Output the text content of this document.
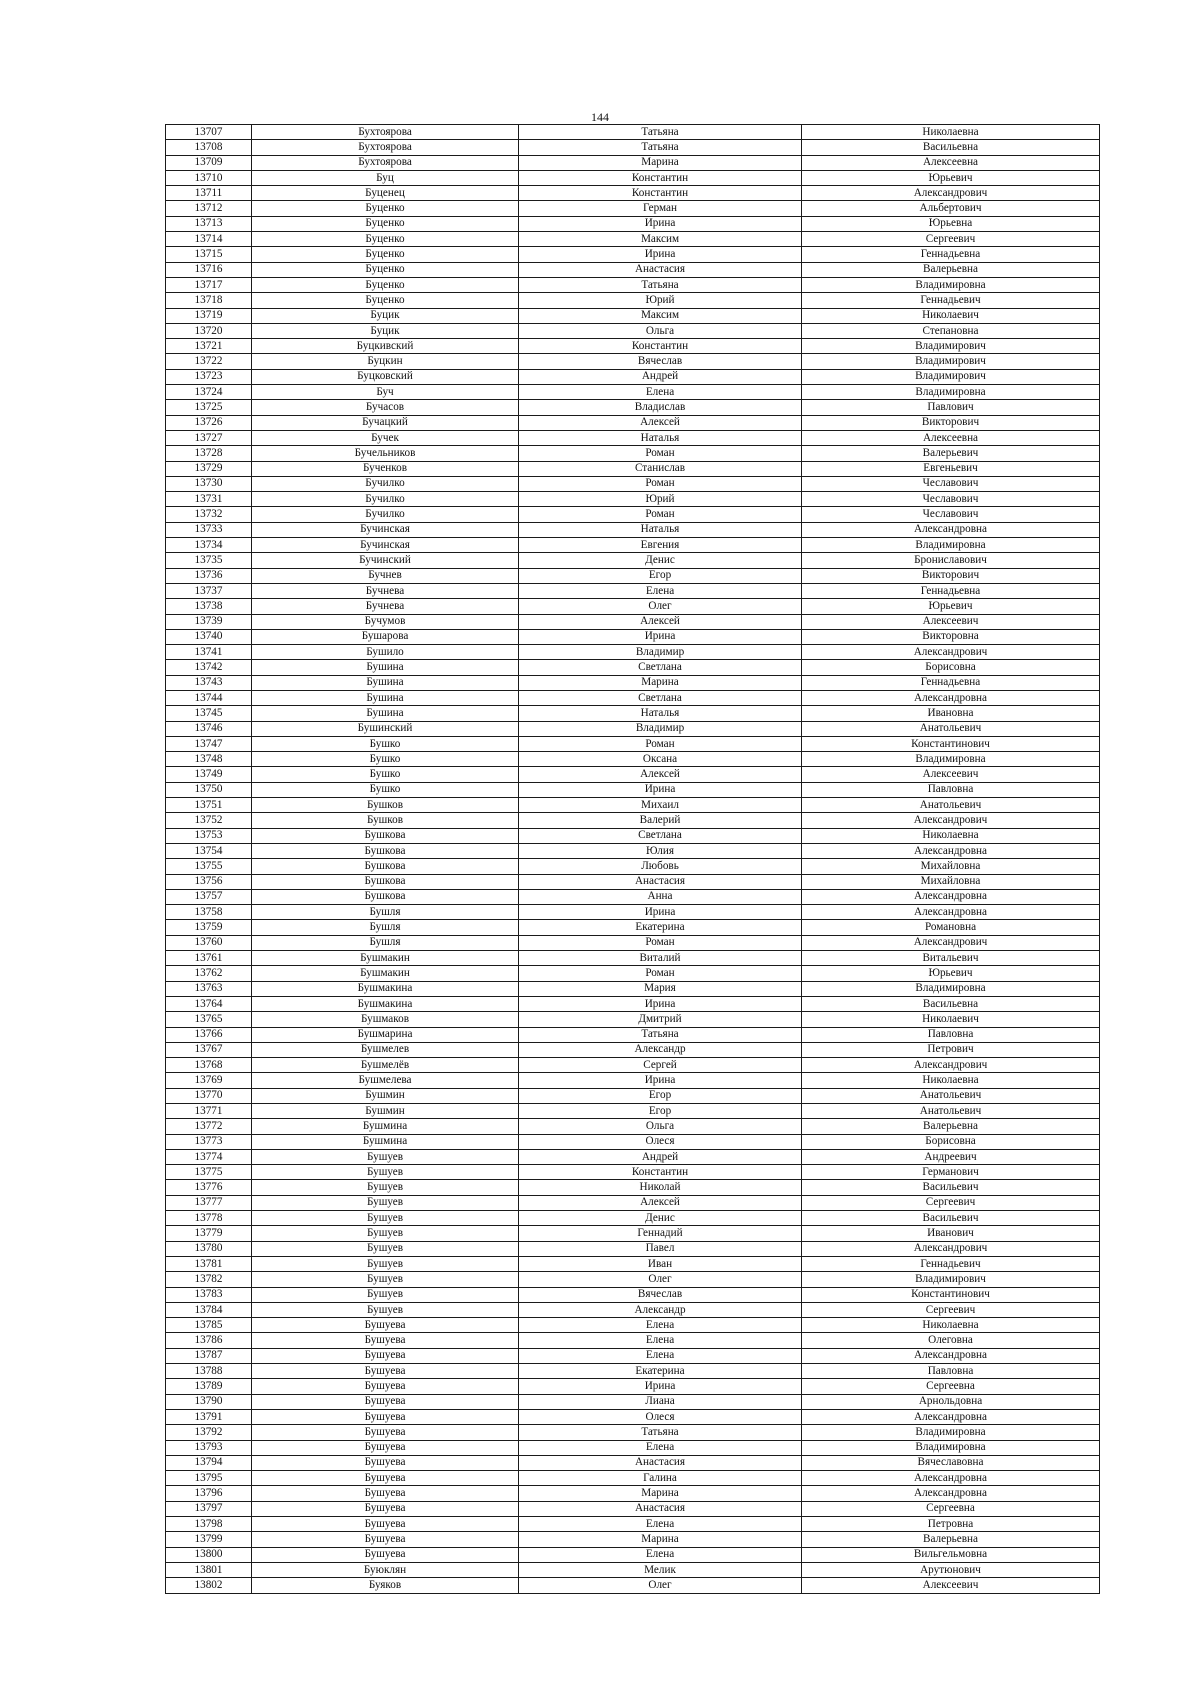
144
13707	Бухтоярова	Татьяна	Николаевна
13708	Бухтоярова	Татьяна	Васильевна
13709	Бухтоярова	Марина	Алексеевна
13710	Буц	Константин	Юрьевич
13711	Буценец	Константин	Александрович
13712	Буценко	Герман	Альбертович
13713	Буценко	Ирина	Юрьевна
13714	Буценко	Максим	Сергеевич
13715	Буценко	Ирина	Геннадьевна
13716	Буценко	Анастасия	Валерьевна
13717	Буценко	Татьяна	Владимировна
13718	Буценко	Юрий	Геннадьевич
13719	Буцик	Максим	Николаевич
13720	Буцик	Ольга	Степановна
13721	Буцкивский	Константин	Владимирович
13722	Буцкин	Вячеслав	Владимирович
13723	Буцковский	Андрей	Владимирович
13724	Буч	Елена	Владимировна
13725	Бучасов	Владислав	Павлович
13726	Бучацкий	Алексей	Викторович
13727	Бучек	Наталья	Алексеевна
13728	Бучельников	Роман	Валерьевич
13729	Бученков	Станислав	Евгеньевич
13730	Бучилко	Роман	Чеславович
13731	Бучилко	Юрий	Чеславович
13732	Бучилко	Роман	Чеславович
13733	Бучинская	Наталья	Александровна
13734	Бучинская	Евгения	Владимировна
13735	Бучинский	Денис	Брониславович
13736	Бучнев	Егор	Викторович
13737	Бучнева	Елена	Геннадьевна
13738	Бучнева	Олег	Юрьевич
13739	Бучумов	Алексей	Алексеевич
13740	Бушарова	Ирина	Викторовна
13741	Бушило	Владимир	Александрович
13742	Бушина	Светлана	Борисовна
13743	Бушина	Марина	Геннадьевна
13744	Бушина	Светлана	Александровна
13745	Бушина	Наталья	Ивановна
13746	Бушинский	Владимир	Анатольевич
13747	Бушко	Роман	Константинович
13748	Бушко	Оксана	Владимировна
13749	Бушко	Алексей	Алексеевич
13750	Бушко	Ирина	Павловна
13751	Бушков	Михаил	Анатольевич
13752	Бушков	Валерий	Александрович
13753	Бушкова	Светлана	Николаевна
13754	Бушкова	Юлия	Александровна
13755	Бушкова	Любовь	Михайловна
13756	Бушкова	Анастасия	Михайловна
13757	Бушкова	Анна	Александровна
13758	Бушля	Ирина	Александровна
13759	Бушля	Екатерина	Романовна
13760	Бушля	Роман	Александрович
13761	Бушмакин	Виталий	Витальевич
13762	Бушмакин	Роман	Юрьевич
13763	Бушмакина	Мария	Владимировна
13764	Бушмакина	Ирина	Васильевна
13765	Бушмаков	Дмитрий	Николаевич
13766	Бушмарина	Татьяна	Павловна
13767	Бушмелев	Александр	Петрович
13768	Бушмелёв	Сергей	Александрович
13769	Бушмелева	Ирина	Николаевна
13770	Бушмин	Егор	Анатольевич
13771	Бушмин	Егор	Анатольевич
13772	Бушмина	Ольга	Валерьевна
13773	Бушмина	Олеся	Борисовна
13774	Бушуев	Андрей	Андреевич
13775	Бушуев	Константин	Германович
13776	Бушуев	Николай	Васильевич
13777	Бушуев	Алексей	Сергеевич
13778	Бушуев	Денис	Васильевич
13779	Бушуев	Геннадий	Иванович
13780	Бушуев	Павел	Александрович
13781	Бушуев	Иван	Геннадьевич
13782	Бушуев	Олег	Владимирович
13783	Бушуев	Вячеслав	Константинович
13784	Бушуев	Александр	Сергеевич
13785	Бушуева	Елена	Николаевна
13786	Бушуева	Елена	Олеговна
13787	Бушуева	Елена	Александровна
13788	Бушуева	Екатерина	Павловна
13789	Бушуева	Ирина	Сергеевна
13790	Бушуева	Лиана	Арнольдовна
13791	Бушуева	Олеся	Александровна
13792	Бушуева	Татьяна	Владимировна
13793	Бушуева	Елена	Владимировна
13794	Бушуева	Анастасия	Вячеславовна
13795	Бушуева	Галина	Александровна
13796	Бушуева	Марина	Александровна
13797	Бушуева	Анастасия	Сергеевна
13798	Бушуева	Елена	Петровна
13799	Бушуева	Марина	Валерьевна
13800	Бушуева	Елена	Вильгельмовна
13801	Буюклян	Мелик	Арутюнович
13802	Буяков	Олег	Алексеевич
